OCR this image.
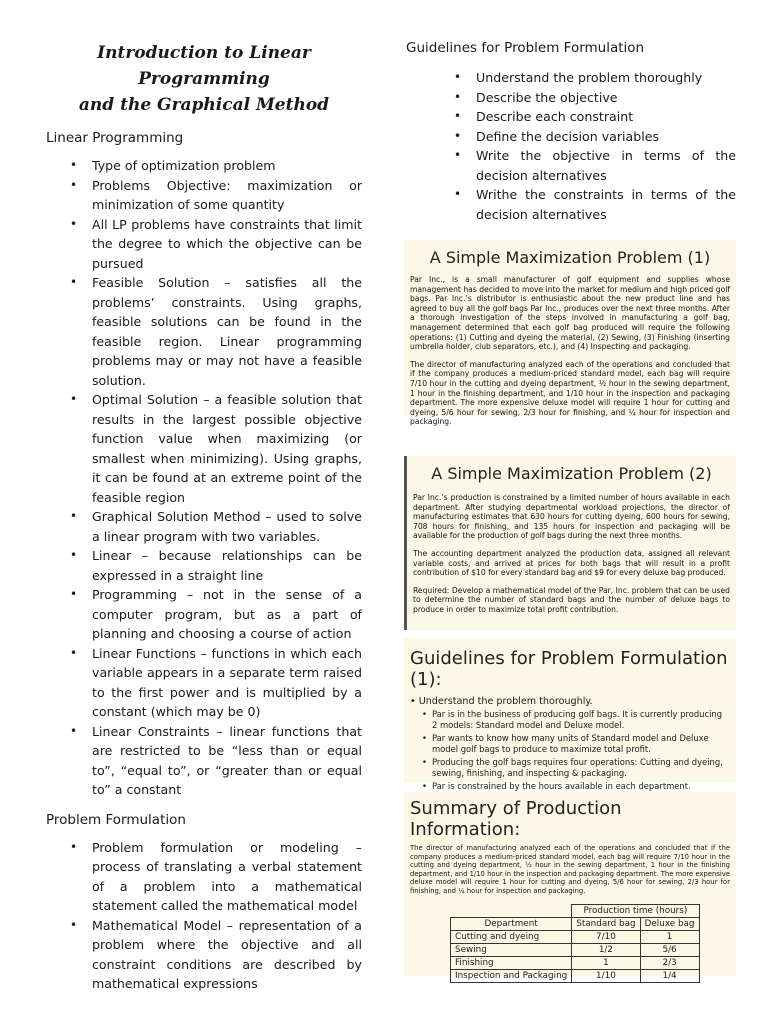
Introduction to Linear Programming
and the Graphical Method
Linear Programming
• Type of optimization problem
• Problems Objective: maximization or minimization of some quantity
• All LP problems have constraints that limit the degree to which the objective can be pursued
• Feasible Solution – satisfies all the problems’ constraints. Using graphs, feasible solutions can be found in the feasible region. Linear programming problems may or may not have a feasible solution.
• Optimal Solution – a feasible solution that results in the largest possible objective function value when maximizing (or smallest when minimizing). Using graphs, it can be found at an extreme point of the feasible region
• Graphical Solution Method – used to solve a linear program with two variables.
• Linear – because relationships can be expressed in a straight line
• Programming – not in the sense of a computer program, but as a part of planning and choosing a course of action
• Linear Functions – functions in which each variable appears in a separate term raised to the first power and is multiplied by a constant (which may be 0)
• Linear Constraints – linear functions that are restricted to be “less than or equal to”, “equal to”, or “greater than or equal to” a constant
Problem Formulation
• Problem formulation or modeling – process of translating a verbal statement of a problem into a mathematical statement called the mathematical model
• Mathematical Model – representation of a problem where the objective and all constraint conditions are described by mathematical expressions
Guidelines for Problem Formulation
• Understand the problem thoroughly
• Describe the objective
• Describe each constraint
• Define the decision variables
• Write the objective in terms of the decision alternatives
• Writhe the constraints in terms of the decision alternatives
A Simple Maximization Problem (1)

Par Inc., is a small manufacturer of golf equipment and supplies whose management has decided to move into the market for medium and high priced golf bags. Par Inc.’s distributor is enthusiastic about the new product line and has agreed to buy all the golf bags Par Inc., produces over the next three months. After a thorough investigation of the steps involved in manufacturing a golf bag, management determined that each golf bag produced will require the following operations: (1) Cutting and dyeing the material, (2) Sewing, (3) Finishing (inserting umbrella holder, club separators, etc.), and (4) Inspecting and packaging.

The director of manufacturing analyzed each of the operations and concluded that if the company produces a medium-priced standard model, each bag will require 7/10 hour in the cutting and dyeing department, ½ hour in the sewing department, 1 hour in the finishing department, and 1/10 hour in the inspection and packaging department. The more expensive deluxe model will require 1 hour for cutting and dyeing, 5/6 hour for sewing, 2/3 hour for finishing, and ¼ hour for inspection and packaging.

A Simple Maximization Problem (2)

Par Inc.’s production is constrained by a limited number of hours available in each department. After studying departmental workload projections, the director of manufacturing estimates that 630 hours for cutting dyeing, 600 hours for sewing, 708 hours for finishing, and 135 hours for inspection and packaging will be available for the production of golf bags during the next three months.

The accounting department analyzed the production data, assigned all relevant variable costs, and arrived at prices for both bags that will result in a profit contribution of $10 for every standard bag and $9 for every deluxe bag produced.

Required: Develop a mathematical model of the Par, Inc. problem that can be used to determine the number of standard bags and the number of deluxe bags to produce in order to maximize total profit contribution.

Guidelines for Problem Formulation (1):
• Understand the problem thoroughly.
• Par is in the business of producing golf bags. It is currently producing 2 models: Standard model and Deluxe model.
• Par wants to know how many units of Standard model and Deluxe model golf bags to produce to maximize total profit.
• Producing the golf bags requires four operations: Cutting and dyeing, sewing, finishing, and inspecting & packaging.
• Par is constrained by the hours available in each department.
Summary of Production Information:

The director of manufacturing analyzed each of the operations and concluded that if the company produces a medium-priced standard model, each bag will require 7/10 hour in the cutting and dyeing department, ½ hour in the sewing department, 1 hour in the finishing department, and 1/10 hour in the inspection and packaging department. The more expensive deluxe model will require 1 hour for cutting and dyeing, 5/6 hour for sewing, 2/3 hour for finishing, and ¼ hour for inspection and packaging.

	Production time (hours)	
Department	Standard bag	Deluxe bag
Cutting and dyeing	7/10	1
Sewing	1/2	5/6
Finishing	1	2/3
Inspection and Packaging	1/10	1/4
